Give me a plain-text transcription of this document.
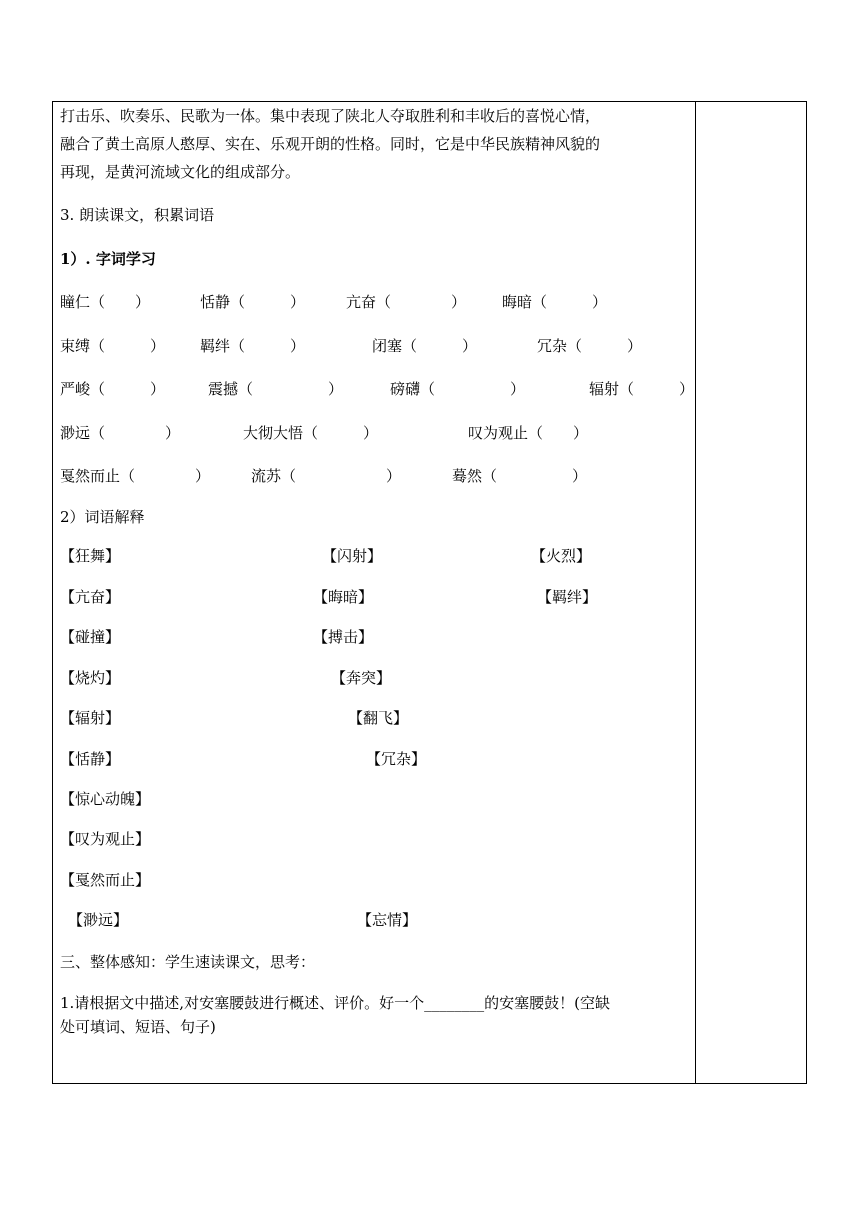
打击乐、吹奏乐、民歌为一体。集中表现了陕北人夺取胜利和丰收后的喜悦心情，
融合了黄土高原人憨厚、实在、乐观开朗的性格。同时，它是中华民族精神风貌的
再现，是黄河流域文化的组成部分。
3. 朗读课文，积累词语
1）. 字词学习
瞳仁（　　）	恬静（　　　）	亢奋（　　　　） 晦暗（　　　）
束缚（　　　） 羁绊（　　　）	闭塞（　　　）	冗杂（　　　）
严峻（　　　）	震撼（　　　　　）	磅礴（　　　　　）	辐射（　　　）
渺远（　　　　）	大彻大悟（　　　）	叹为观止（　　）
戛然而止（　　　　）	流苏（　　　　　　）	蓦然（　　　　　）
2）词语解释
【狂舞】	【闪射】	【火烈】
【亢奋】	【晦暗】	【羁绊】
【碰撞】	【搏击】
【烧灼】	【奔突】
【辐射】	【翻飞】
【恬静】	【冗杂】
【惊心动魄】
【叹为观止】
【戛然而止】
【渺远】	【忘情】
三、整体感知：学生速读课文，思考：
1.请根据文中描述,对安塞腰鼓进行概述、评价。好一个________的安塞腰鼓！(空缺
处可填词、短语、句子)
